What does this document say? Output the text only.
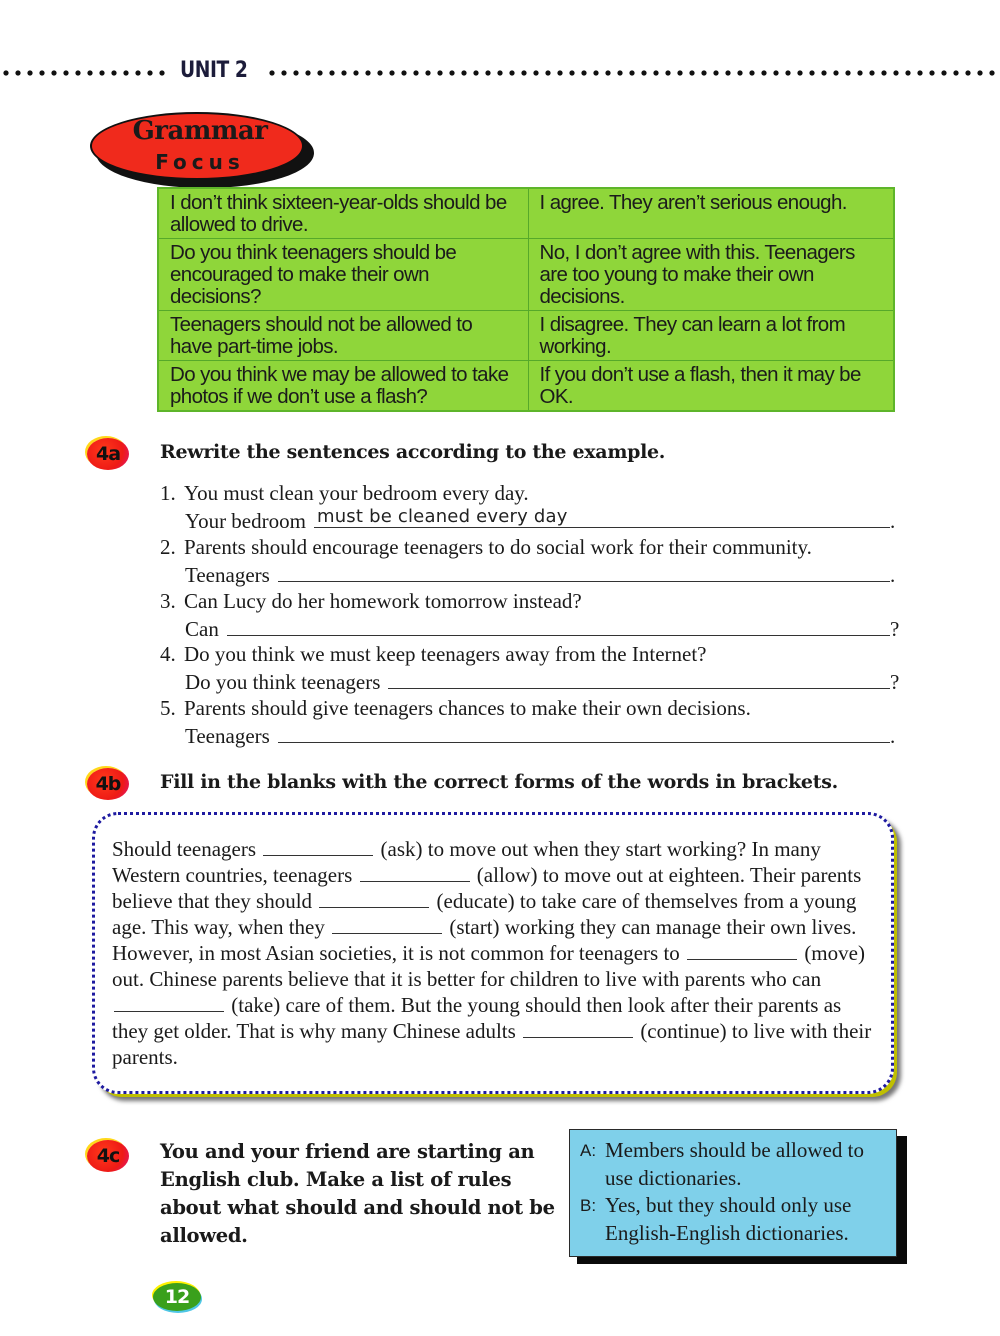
UNIT 2
Grammar
Focus
I don’t think sixteen-year-olds should be allowed to drive.	I agree. They aren’t serious enough.
Do you think teenagers should be encouraged to make their own decisions?	No, I don’t agree with this. Teenagers are too young to make their own decisions.
Teenagers should not be allowed to have part-time jobs.	I disagree. They can learn a lot from working.
Do you think we may be allowed to take photos if we don’t use a flash?	If you don’t use a flash, then it may be OK.
4a	Rewrite the sentences according to the example.
1. You must clean your bedroom every day.
Your bedroom must be cleaned every day	.
2. Parents should encourage teenagers to do social work for their community.
Teenagers	.
3. Can Lucy do her homework tomorrow instead?
Can	?
4. Do you think we must keep teenagers away from the Internet?
Do you think teenagers	?
5. Parents should give teenagers chances to make their own decisions.
Teenagers	.
4b	Fill in the blanks with the correct forms of the words in brackets.
Should teenagers	(ask) to move out when they start working? In many Western countries, teenagers	(allow) to move out at eighteen. Their parents believe that they should	(educate) to take care of themselves from a young age. This way, when they	(start) working they can manage their own lives. However, in most Asian societies, it is not common for teenagers to	(move) out. Chinese parents believe that it is better for children to live with parents who can  (take) care of them. But the young should then look after their parents as they get older. That is why many Chinese adults	(continue) to live with their parents.
4c	You and your friend are starting an English club. Make a list of rules about what should and should not be allowed.
A: Members should be allowed to use dictionaries.
B: Yes, but they should only use English-English dictionaries.
12
